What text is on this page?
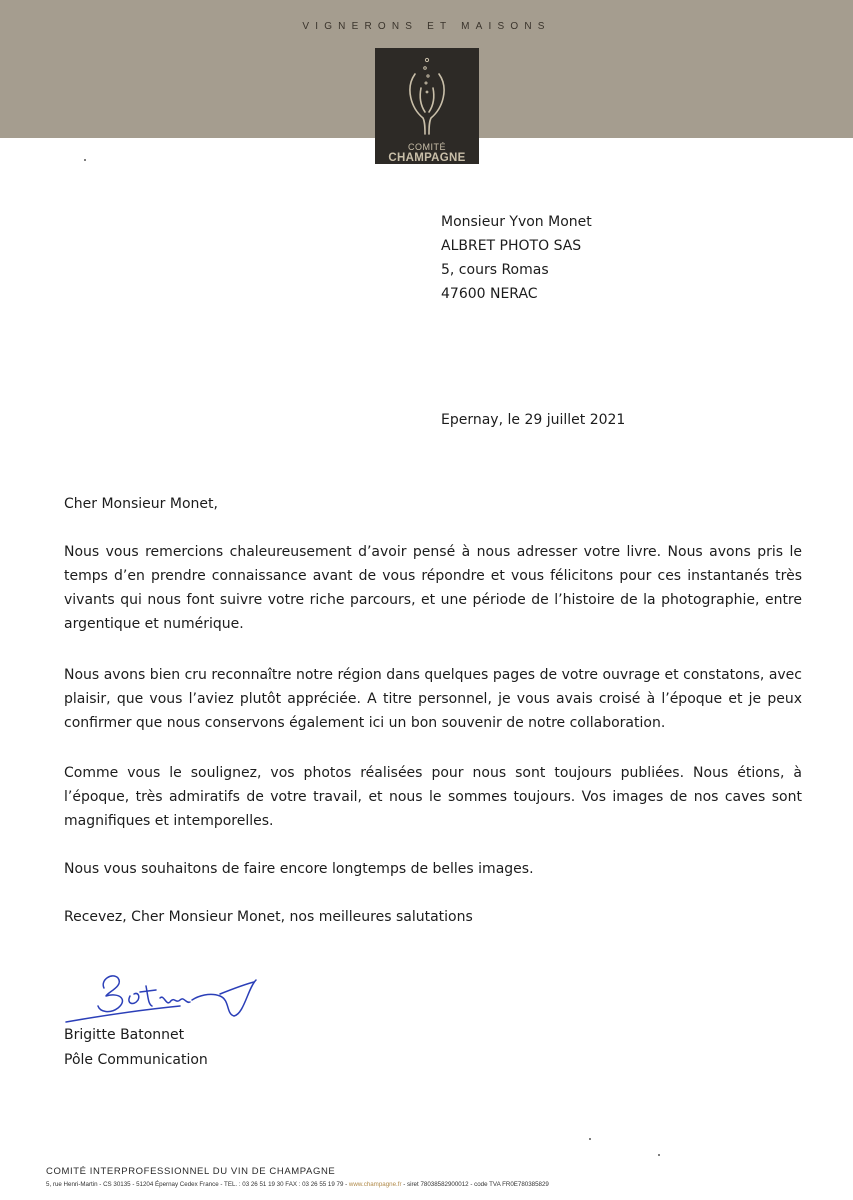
VIGNERONS ET MAISONS
COMITÉ
CHAMPAGNE
Monsieur Yvon Monet
ALBRET PHOTO SAS
5, cours Romas
47600 NERAC
Epernay, le 29 juillet 2021
Cher Monsieur Monet,
Nous vous remercions chaleureusement d’avoir pensé à nous adresser votre livre. Nous avons pris le temps d’en prendre connaissance avant de vous répondre et vous félicitons pour ces instantanés très vivants qui nous font suivre votre riche parcours, et une période de l’histoire de la photographie, entre argentique et numérique.
Nous avons bien cru reconnaître notre région dans quelques pages de votre ouvrage et constatons, avec plaisir, que vous l’aviez plutôt appréciée. A titre personnel, je vous avais croisé à l’époque et je peux confirmer que nous conservons également ici un bon souvenir de notre collaboration.
Comme vous le soulignez, vos photos réalisées pour nous sont toujours publiées. Nous étions, à l’époque, très admiratifs de votre travail, et nous le sommes toujours. Vos images de nos caves sont magnifiques et intemporelles.
Nous vous souhaitons de faire encore longtemps de belles images.
Recevez, Cher Monsieur Monet, nos meilleures salutations
Brigitte Batonnet
Pôle Communication
COMITÉ INTERPROFESSIONNEL DU VIN DE CHAMPAGNE
5, rue Henri-Martin - CS 30135 - 51204 Épernay Cedex France - TEL. : 03 26 51 19 30 FAX : 03 26 55 19 79 - www.champagne.fr - siret 78038582900012 - code TVA FR0E780385829
